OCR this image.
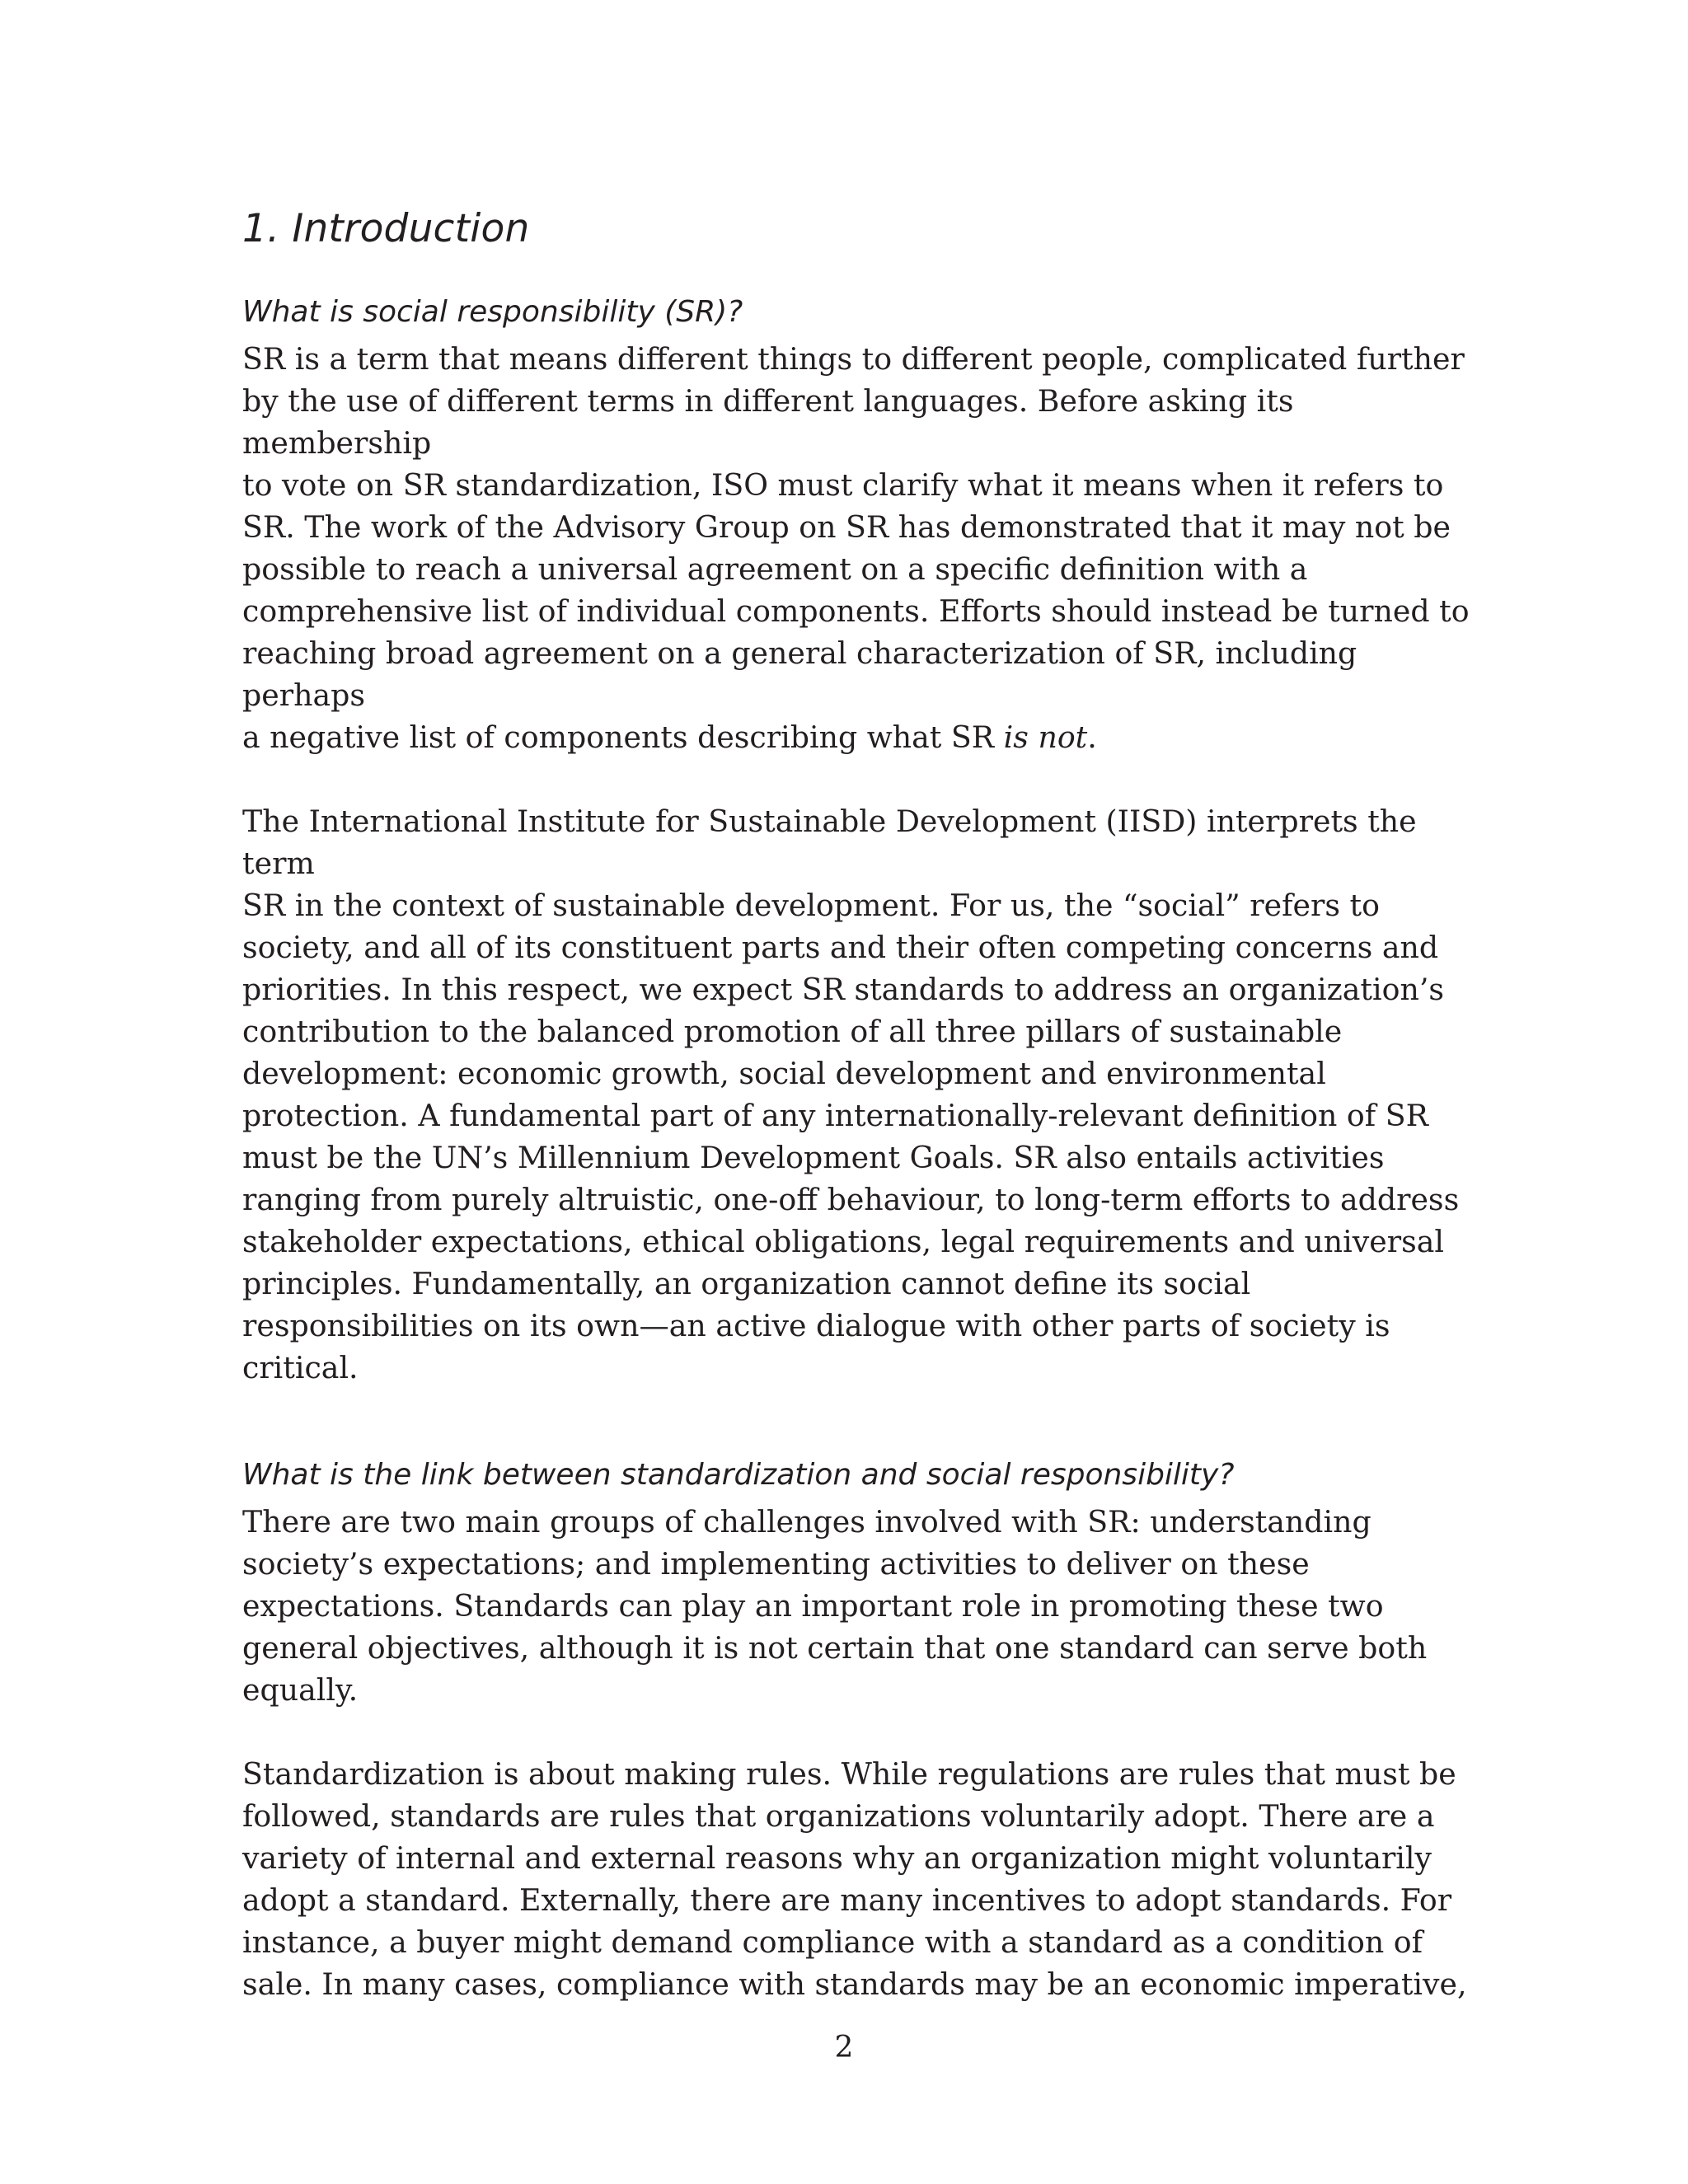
1. Introduction
What is social responsibility (SR)?

SR is a term that means different things to different people, complicated further
by the use of different terms in different languages. Before asking its membership
to vote on SR standardization, ISO must clarify what it means when it refers to
SR. The work of the Advisory Group on SR has demonstrated that it may not be
possible to reach a universal agreement on a specific definition with a
comprehensive list of individual components. Efforts should instead be turned to
reaching broad agreement on a general characterization of SR, including perhaps
a negative list of components describing what SR is not.

The International Institute for Sustainable Development (IISD) interprets the term
SR in the context of sustainable development. For us, the “social” refers to
society, and all of its constituent parts and their often competing concerns and
priorities. In this respect, we expect SR standards to address an organization’s
contribution to the balanced promotion of all three pillars of sustainable
development: economic growth, social development and environmental
protection. A fundamental part of any internationally-relevant definition of SR
must be the UN’s Millennium Development Goals. SR also entails activities
ranging from purely altruistic, one-off behaviour, to long-term efforts to address
stakeholder expectations, ethical obligations, legal requirements and universal
principles. Fundamentally, an organization cannot define its social
responsibilities on its own—an active dialogue with other parts of society is
critical.

What is the link between standardization and social responsibility?

There are two main groups of challenges involved with SR: understanding
society’s expectations; and implementing activities to deliver on these
expectations. Standards can play an important role in promoting these two
general objectives, although it is not certain that one standard can serve both
equally.

Standardization is about making rules. While regulations are rules that must be
followed, standards are rules that organizations voluntarily adopt. There are a
variety of internal and external reasons why an organization might voluntarily
adopt a standard. Externally, there are many incentives to adopt standards. For
instance, a buyer might demand compliance with a standard as a condition of
sale. In many cases, compliance with standards may be an economic imperative,

2
